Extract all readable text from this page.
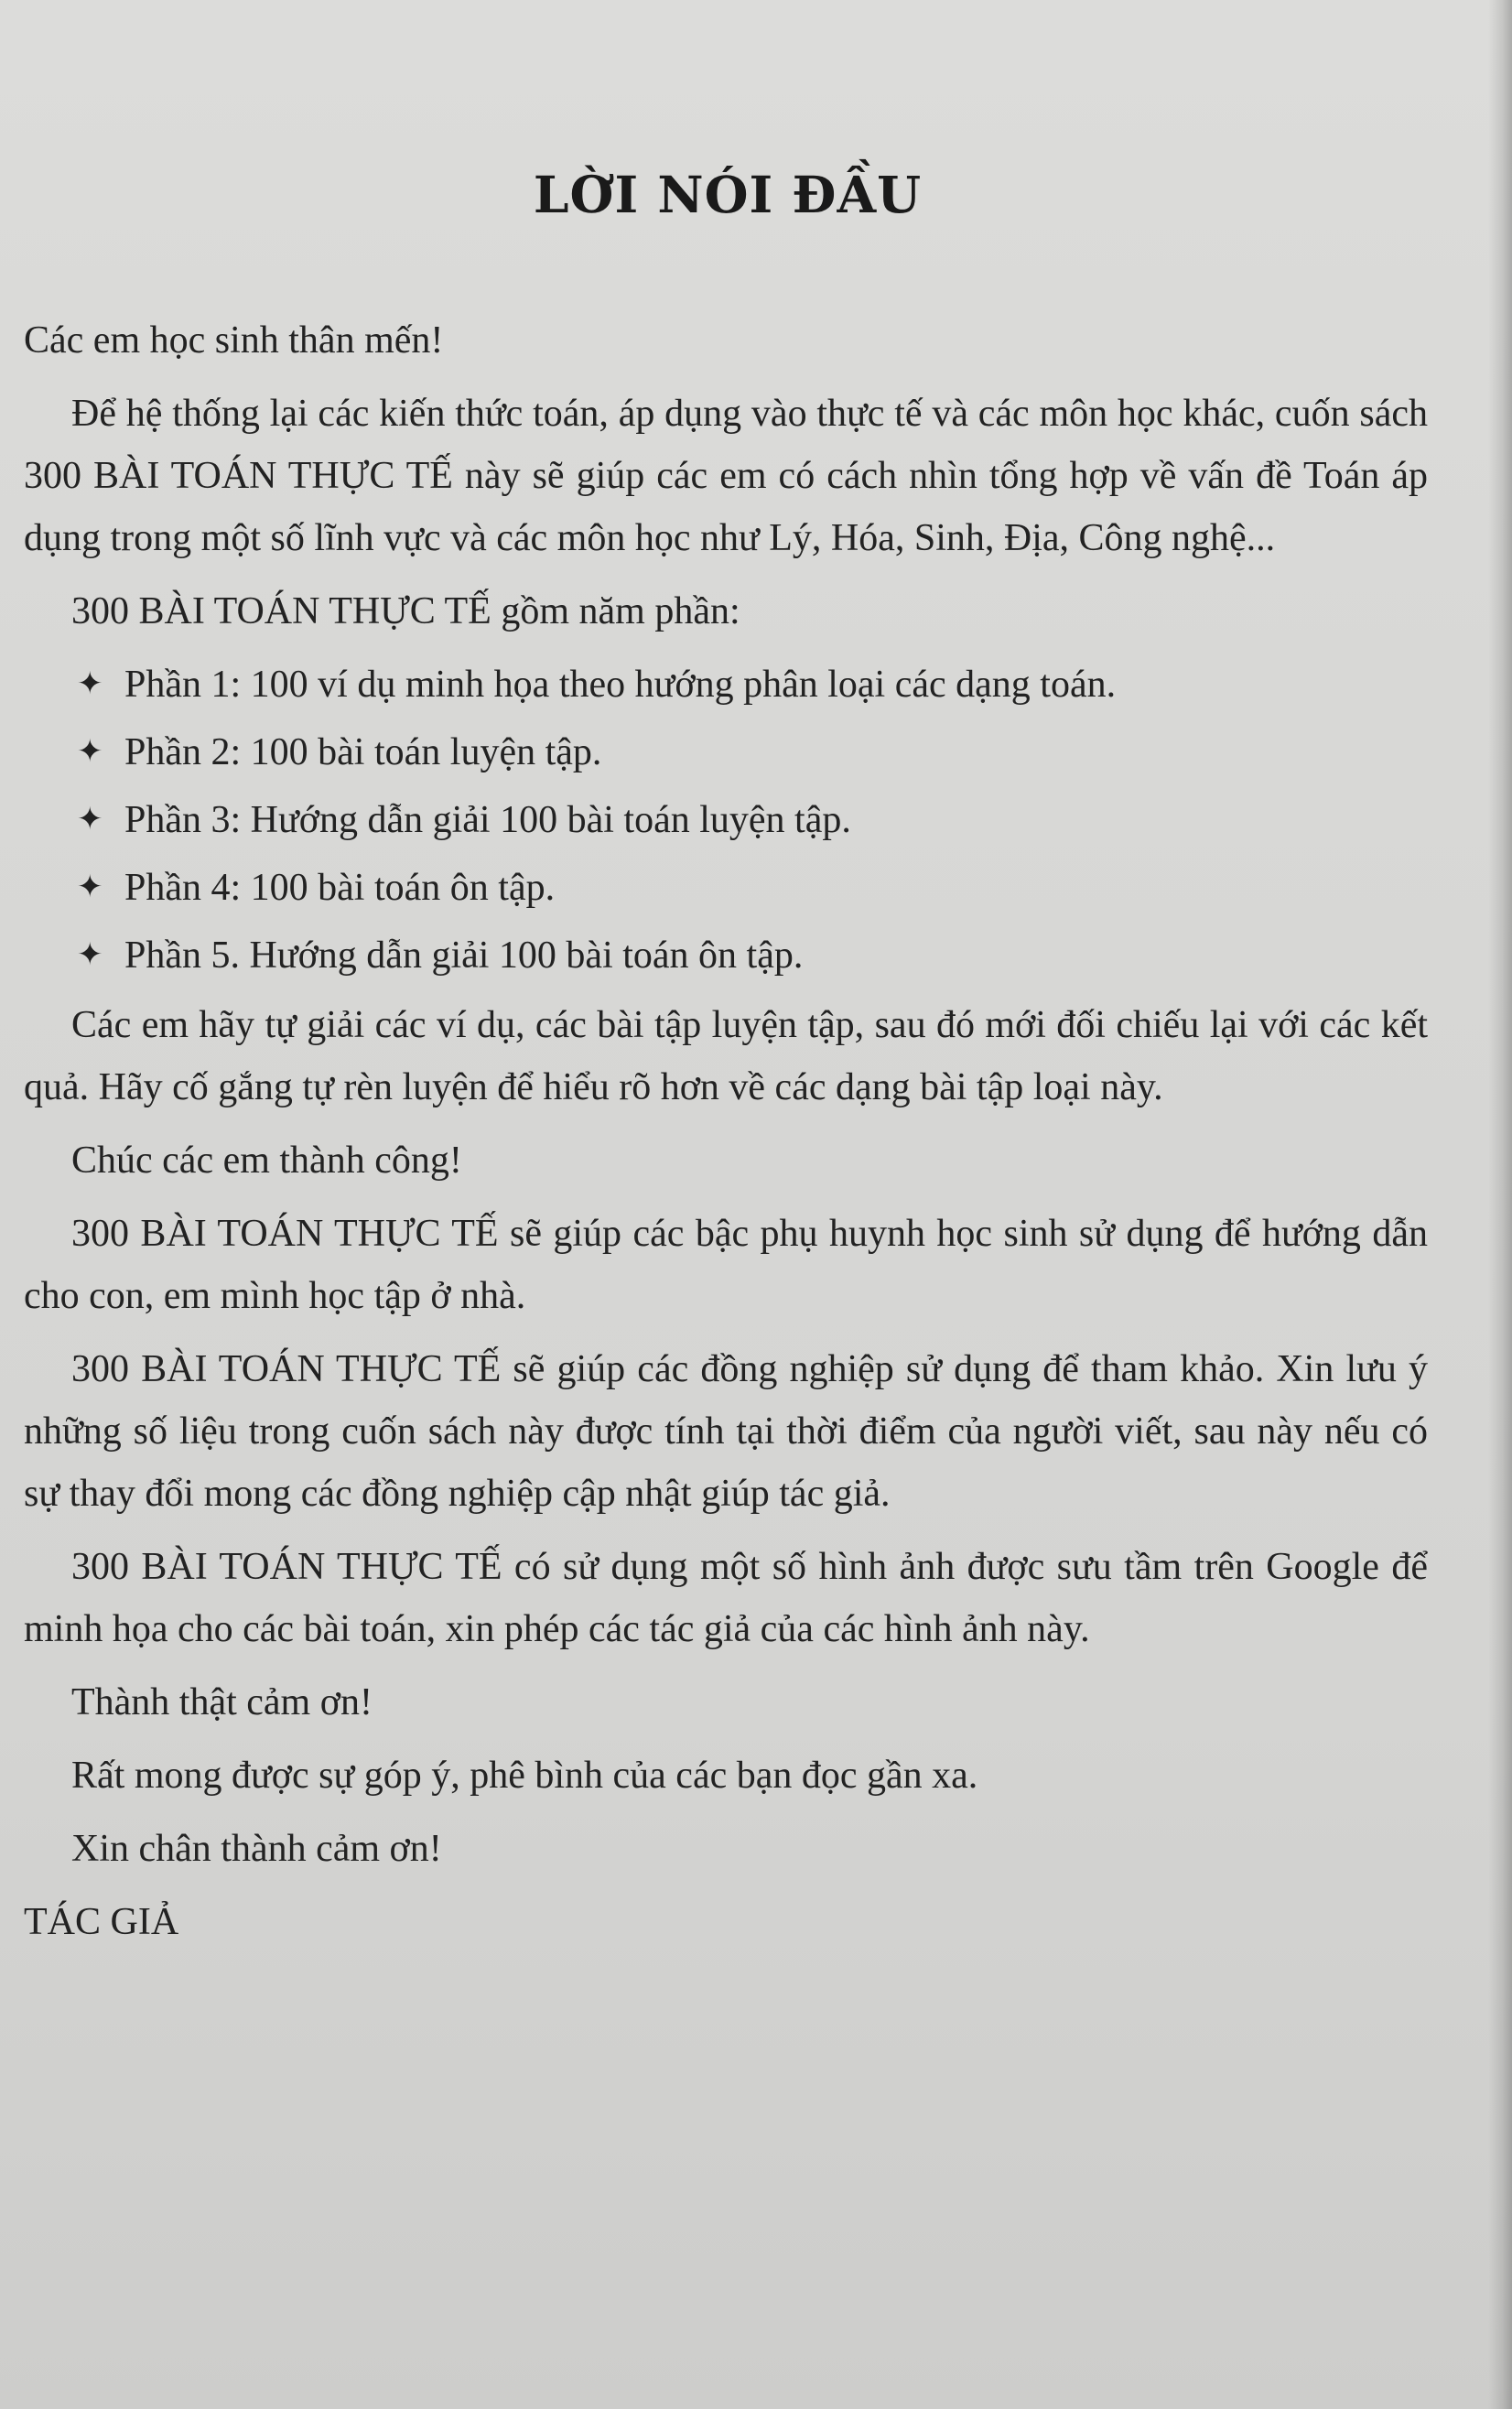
LỜI NÓI ĐẦU

Các em học sinh thân mến!

Để hệ thống lại các kiến thức toán, áp dụng vào thực tế và các môn học khác, cuốn sách 300 BÀI TOÁN THỰC TẾ này sẽ giúp các em có cách nhìn tổng hợp về vấn đề Toán áp dụng trong một số lĩnh vực và các môn học như Lý, Hóa, Sinh, Địa, Công nghệ...

300 BÀI TOÁN THỰC TẾ gồm năm phần:

✦ Phần 1: 100 ví dụ minh họa theo hướng phân loại các dạng toán.
✦ Phần 2: 100 bài toán luyện tập.
✦ Phần 3: Hướng dẫn giải 100 bài toán luyện tập.
✦ Phần 4: 100 bài toán ôn tập.
✦ Phần 5. Hướng dẫn giải 100 bài toán ôn tập.

Các em hãy tự giải các ví dụ, các bài tập luyện tập, sau đó mới đối chiếu lại với các kết quả. Hãy cố gắng tự rèn luyện để hiểu rõ hơn về các dạng bài tập loại này.

Chúc các em thành công!

300 BÀI TOÁN THỰC TẾ sẽ giúp các bậc phụ huynh học sinh sử dụng để hướng dẫn cho con, em mình học tập ở nhà.

300 BÀI TOÁN THỰC TẾ sẽ giúp các đồng nghiệp sử dụng để tham khảo. Xin lưu ý những số liệu trong cuốn sách này được tính tại thời điểm của người viết, sau này nếu có sự thay đổi mong các đồng nghiệp cập nhật giúp tác giả.

300 BÀI TOÁN THỰC TẾ có sử dụng một số hình ảnh được sưu tầm trên Google để minh họa cho các bài toán, xin phép các tác giả của các hình ảnh này.

Thành thật cảm ơn!

Rất mong được sự góp ý, phê bình của các bạn đọc gần xa.

Xin chân thành cảm ơn!

TÁC GIẢ
